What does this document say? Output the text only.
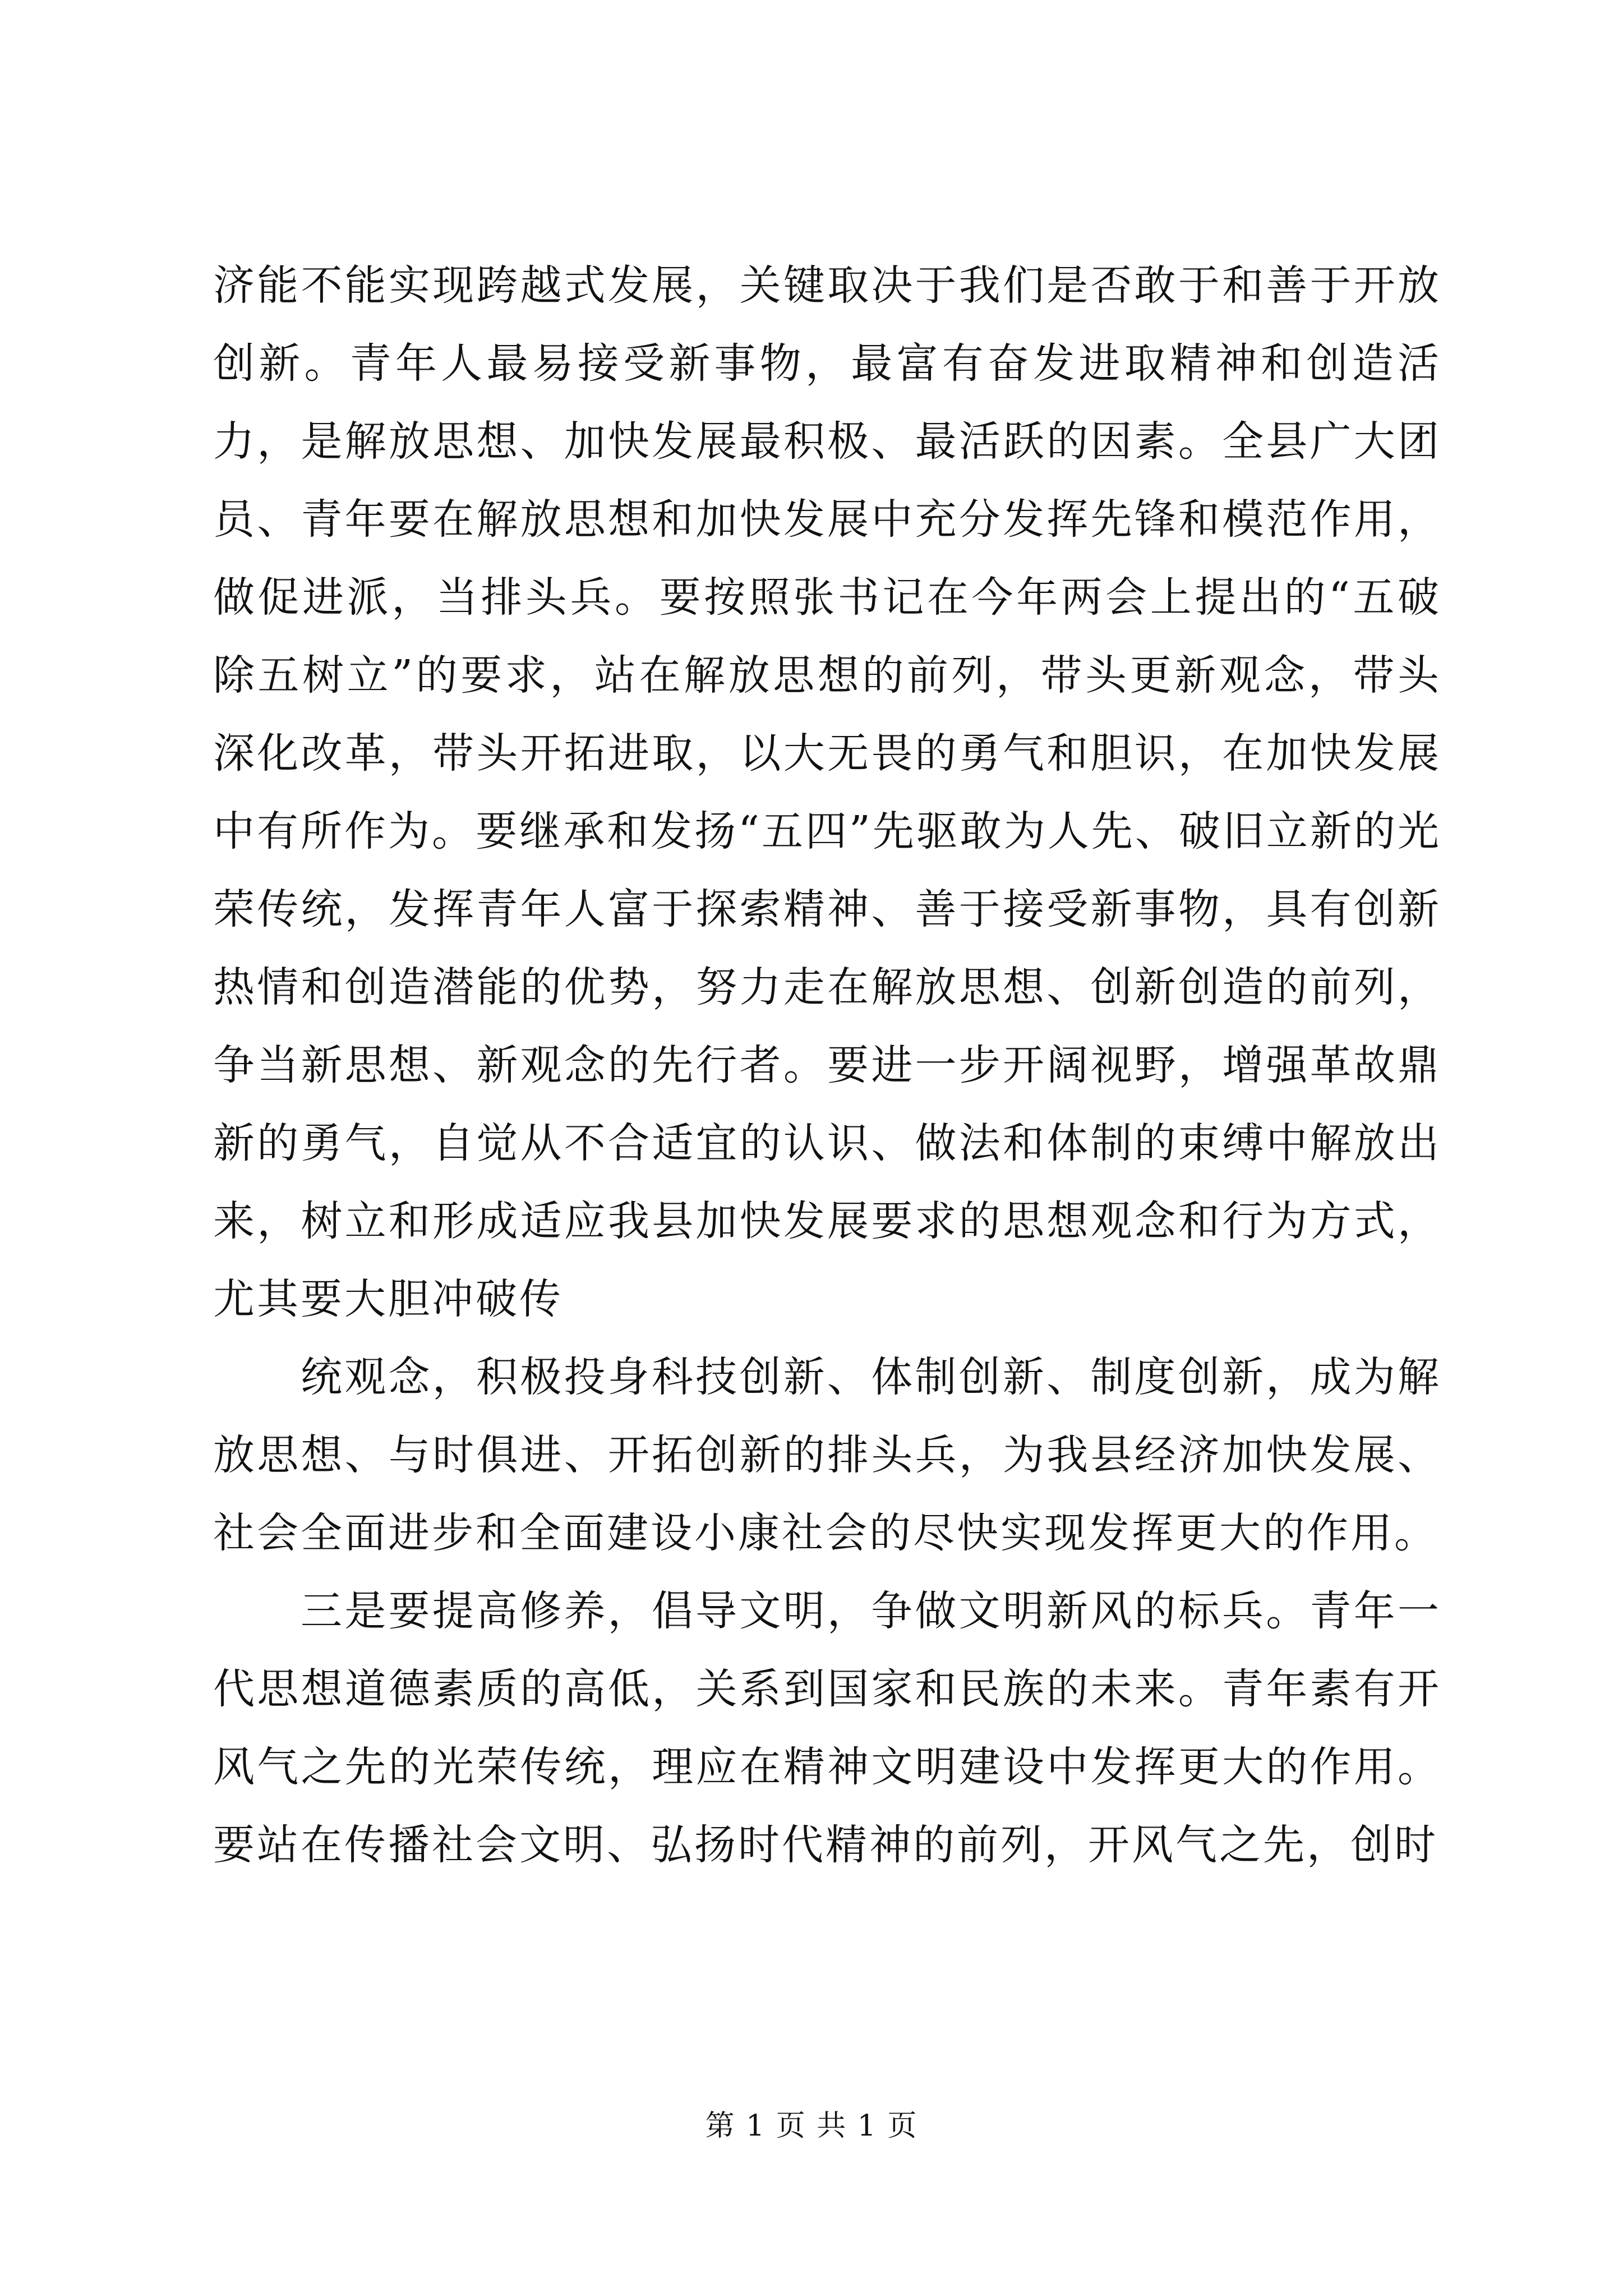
济能不能实现跨越式发展，关键取决于我们是否敢于和善于开放创新。青年人最易接受新事物，最富有奋发进取精神和创造活力，是解放思想、加快发展最积极、最活跃的因素。全县广大团员、青年要在解放思想和加快发展中充分发挥先锋和模范作用，做促进派，当排头兵。要按照张书记在今年两会上提出的“五破除五树立”的要求，站在解放思想的前列，带头更新观念，带头深化改革，带头开拓进取，以大无畏的勇气和胆识，在加快发展中有所作为。要继承和发扬“五四”先驱敢为人先、破旧立新的光荣传统，发挥青年人富于探索精神、善于接受新事物，具有创新热情和创造潜能的优势，努力走在解放思想、创新创造的前列，争当新思想、新观念的先行者。要进一步开阔视野，增强革故鼎新的勇气，自觉从不合适宜的认识、做法和体制的束缚中解放出来，树立和形成适应我县加快发展要求的思想观念和行为方式，尤其要大胆冲破传

统观念，积极投身科技创新、体制创新、制度创新，成为解放思想、与时俱进、开拓创新的排头兵，为我县经济加快发展、社会全面进步和全面建设小康社会的尽快实现发挥更大的作用。

三是要提高修养，倡导文明，争做文明新风的标兵。青年一代思想道德素质的高低，关系到国家和民族的未来。青年素有开风气之先的光荣传统，理应在精神文明建设中发挥更大的作用。要站在传播社会文明、弘扬时代精神的前列，开风气之先，创时

第 1 页 共 1 页
